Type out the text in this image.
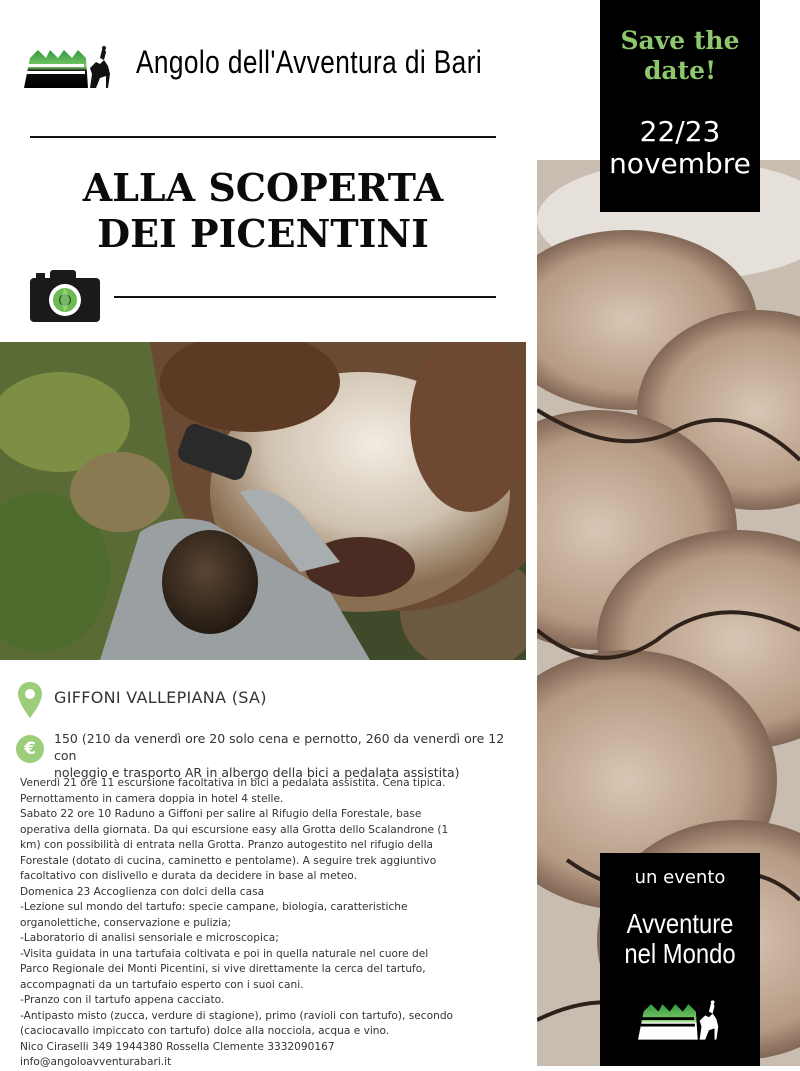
Angolo dell'Avventura di Bari
ALLA SCOPERTA
DEI PICENTINI
Save the
date!
22/23
novembre
GIFFONI VALLEPIANA (SA)
€
150 (210 da venerdì ore 20 solo cena e pernotto, 260 da venerdì ore 12 con
noleggio e trasporto AR in albergo della bici a pedalata assistita)
Venerdì 21 ore 11 escursione facoltativa in bici a pedalata assistita. Cena tipica.
Pernottamento in camera doppia in hotel 4 stelle.
Sabato 22 ore 10 Raduno a Giffoni per salire al Rifugio della Forestale, base
operativa della giornata. Da qui escursione easy alla Grotta dello Scalandrone (1
km) con possibilità di entrata nella Grotta. Pranzo autogestito nel rifugio della
Forestale (dotato di cucina, caminetto e pentolame). A seguire trek aggiuntivo
facoltativo con dislivello e durata da decidere in base al meteo.
Domenica 23 Accoglienza con dolci della casa
-Lezione sul mondo del tartufo: specie campane, biologia, caratteristiche
organolettiche, conservazione e pulizia;
-Laboratorio di analisi sensoriale e microscopica;
-Visita guidata in una tartufaia coltivata e poi in quella naturale nel cuore del
Parco Regionale dei Monti Picentini, si vive direttamente la cerca del tartufo,
accompagnati da un tartufaio esperto con i suoi cani.
-Pranzo con il tartufo appena cacciato.
-Antipasto misto (zucca, verdure di stagione), primo (ravioli con tartufo), secondo
(caciocavallo impiccato con tartufo) dolce alla nocciola, acqua e vino.
Nico Ciraselli 349 1944380 Rossella Clemente 3332090167
info@angoloavventurabari.it
un evento
Avventure
nel Mondo
